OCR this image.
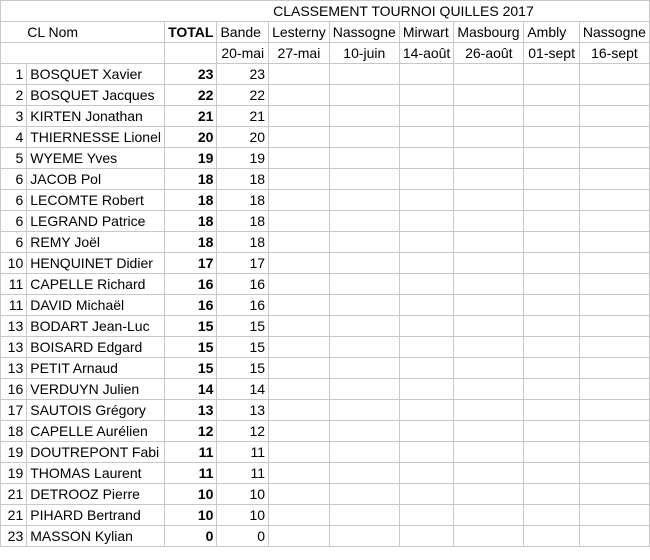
				CLASSEMENT TOURNOI QUILLES 2017					
	CL Nom	TOTAL	Bande	Lesterny	Nassogne	Mirwart	Masbourg	Ambly	Nassogne
			20-mai	27-mai	10-juin	14-août	26-août	01-sept	16-sept
1	BOSQUET Xavier	23	23						
2	BOSQUET Jacques	22	22						
3	KIRTEN Jonathan	21	21						
4	THIERNESSE Lionel	20	20						
5	WYEME Yves	19	19						
6	JACOB Pol	18	18						
6	LECOMTE Robert	18	18						
6	LEGRAND Patrice	18	18						
6	REMY Joël	18	18						
10	HENQUINET Didier	17	17						
11	CAPELLE Richard	16	16						
11	DAVID Michaël	16	16						
13	BODART Jean-Luc	15	15						
13	BOISARD Edgard	15	15						
13	PETIT Arnaud	15	15						
16	VERDUYN Julien	14	14						
17	SAUTOIS Grégory	13	13						
18	CAPELLE Aurélien	12	12						
19	DOUTREPONT Fabi	11	11						
19	THOMAS Laurent	11	11						
21	DETROOZ Pierre	10	10						
21	PIHARD Bertrand	10	10						
23	MASSON Kylian	0	0						
